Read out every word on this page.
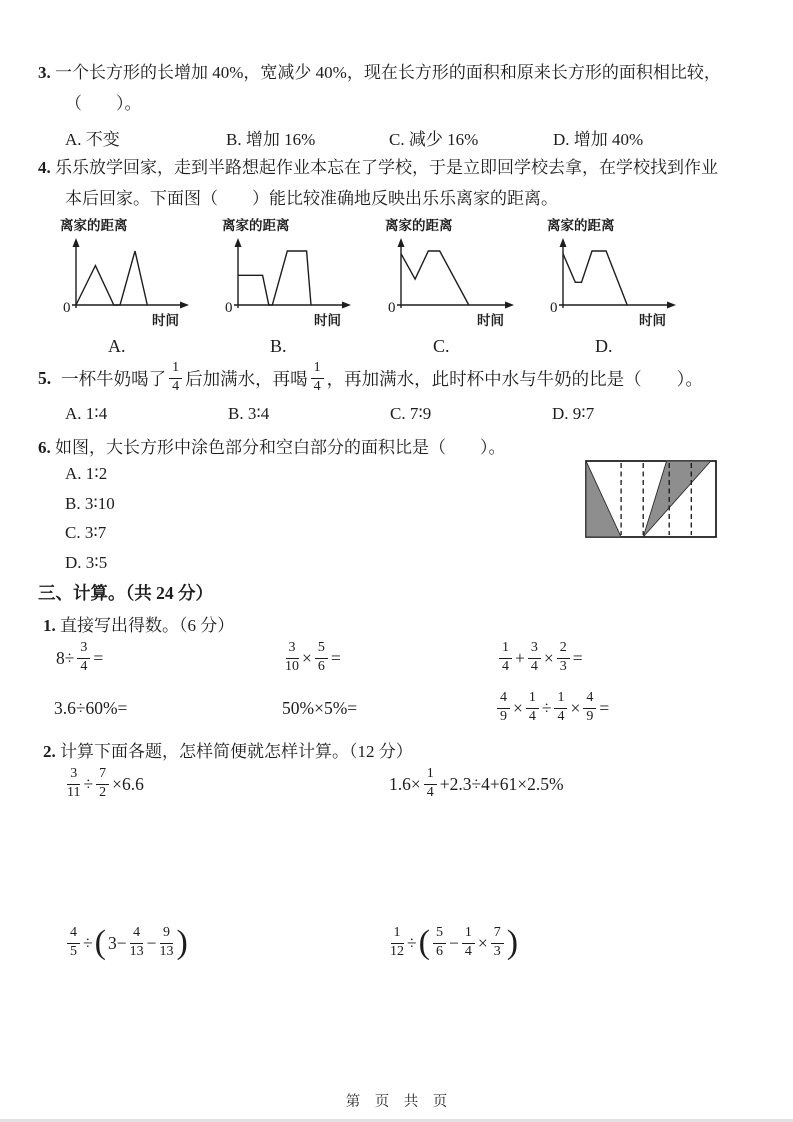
3. 一个长方形的长增加 40%，宽减少 40%，现在长方形的面积和原来长方形的面积相比较，
（　　）。
A. 不变	B. 增加 16%	C. 减少 16%	D. 增加 40%
4. 乐乐放学回家，走到半路想起作业本忘在了学校，于是立即回学校去拿，在学校找到作业
本后回家。下面图（　　）能比较准确地反映出乐乐离家的距离。
离家的距离
0
时间
A.
离家的距离
0
时间
B.
离家的距离
0
时间
C.
离家的距离
0
时间
D.
5. 一杯牛奶喝了 $\frac{1}{4}$ 后加满水，再喝 $\frac{1}{4}$ ，再加满水，此时杯中水与牛奶的比是（　　）。
A. 1∶4	B. 3∶4	C. 7∶9	D. 9∶7
6. 如图，大长方形中涂色部分和空白部分的面积比是（　　）。
A. 1∶2
B. 3∶10
C. 3∶7
D. 3∶5
三、计算。（共 24 分）
1. 直接写出得数。（6 分）
$8\div \frac{3}{4}$ =	$\frac{3}{10} \times \frac{5}{6}$ =	$\frac{1}{4} + \frac{3}{4} \times \frac{2}{3}$ =
3.6÷60%=	50%×5%=	$\frac{4}{9} \times \frac{1}{4} \div \frac{1}{4} \times \frac{4}{9}$ =
2. 计算下面各题，怎样简便就怎样计算。（12 分）
$\frac{3}{11} \div \frac{7}{2} \times 6.6$	$1.6\times \frac{1}{4} +2.3\div 4+61\times 2.5\%$
$\frac{4}{5}$ ÷ ( $3- \frac{4}{13} - \frac{9}{13}$ )	$\frac{1}{12}$ ÷ ( $\frac{5}{6} - \frac{1}{4} \times \frac{7}{3}$ )
第　页　共　页
